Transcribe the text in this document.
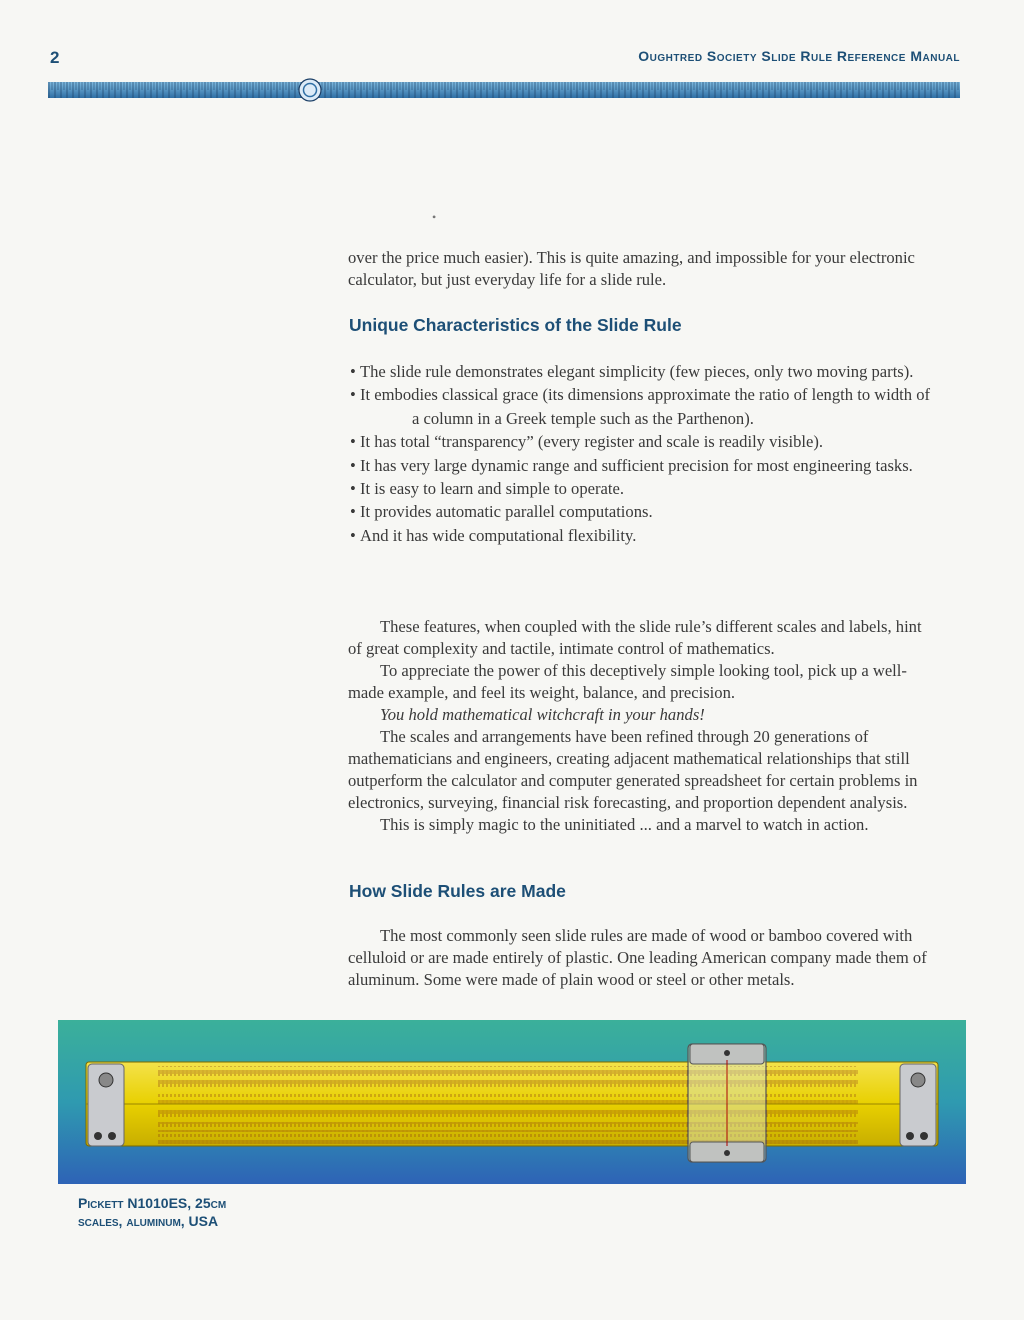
2	Oughtred Society Slide Rule Reference Manual
•

over the price much easier). This is quite amazing, and impossible for your electronic calculator, but just everyday life for a slide rule.

Unique Characteristics of the Slide Rule
• The slide rule demonstrates elegant simplicity (few pieces, only two moving parts).
• It embodies classical grace (its dimensions approximate the ratio of length to width of a column in a Greek temple such as the Parthenon).
• It has total “transparency” (every register and scale is readily visible).
• It has very large dynamic range and sufficient precision for most engineering tasks.
• It is easy to learn and simple to operate.
• It provides automatic parallel computations.
• And it has wide computational flexibility.

These features, when coupled with the slide rule’s different scales and labels, hint of great complexity and tactile, intimate control of mathematics.

To appreciate the power of this deceptively simple looking tool, pick up a well-made example, and feel its weight, balance, and precision.

You hold mathematical witchcraft in your hands!

The scales and arrangements have been refined through 20 generations of mathematicians and engineers, creating adjacent mathematical relationships that still outperform the calculator and computer generated spreadsheet for certain problems in electronics, surveying, financial risk forecasting, and proportion dependent analysis.

This is simply magic to the uninitiated ... and a marvel to watch in action.

How Slide Rules are Made

The most commonly seen slide rules are made of wood or bamboo covered with celluloid or are made entirely of plastic. One leading American company made them of aluminum. Some were made of plain wood or steel or other metals.

Pickett N1010ES, 25cm
scales, aluminum, USA
